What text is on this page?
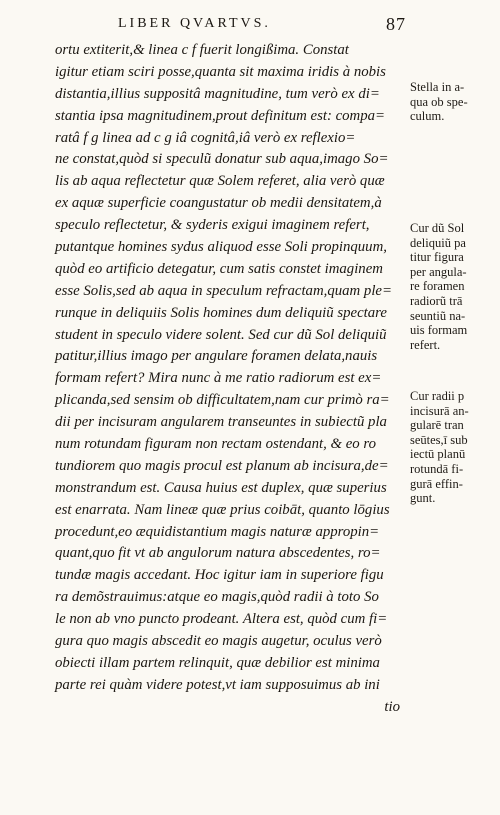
LIBER QVARTVS.	87
ortu extiterit,& linea c f fuerit longißima. Constat
igitur etiam sciri posse,quanta sit maxima iridis à nobis
distantia,illius suppositâ magnitudine, tum verò ex di=
stantia ipsa magnitudinem,prout definitum est: compa=
ratâ f g linea ad c g iâ cognitâ,iâ verò ex reflexio=
ne constat,quòd si speculũ donatur sub aqua,imago So=
lis ab aqua reflectetur quæ Solem referet, alia verò quæ
ex aquæ superficie coangustatur ob medii densitatem,à
speculo reflectetur, & syderis exigui imaginem refert,
putantque homines sydus aliquod esse Soli propinquum,
quòd eo artificio detegatur, cum satis constet imaginem
esse Solis,sed ab aqua in speculum refractam,quam ple=
runque in deliquiis Solis homines dum deliquiũ spectare
student in speculo videre solent. Sed cur dũ Sol deliquiũ
patitur,illius imago per angulare foramen delata,nauis
formam refert? Mira nunc à me ratio radiorum est ex=
plicanda,sed sensim ob difficultatem,nam cur primò ra=
dii per incisuram angularem transeuntes in subiectũ pla
num rotundam figuram non rectam ostendant, & eo ro
tundiorem quo magis procul est planum ab incisura,de=
monstrandum est. Causa huius est duplex, quæ superius
est enarrata. Nam lineæ quæ prius coibāt, quanto lōgius
procedunt,eo æquidistantium magis naturæ appropin=
quant,quo fit vt ab angulorum natura abscedentes, ro=
tundæ magis accedant. Hoc igitur iam in superiore figu
ra demõstrauimus:atque eo magis,quòd radii à toto So
le non ab vno puncto prodeant. Altera est, quòd cum fi=
gura quo magis abscedit eo magis augetur, oculus verò
obiecti illam partem relinquit, quæ debilior est minima
parte rei quàm videre potest,vt iam supposuimus ab ini
tio
Stella in a-
qua ob spe-
culum.
Cur dũ Sol
deliquiũ pa
titur figura
per angula-
re foramen
radiorũ trā
seuntiũ na-
uis formam
refert.
Cur radii p
incisurā an-
gularē tran
seūtes,ī sub
iectū planū
rotundā fi-
gurā effin-
gunt.
